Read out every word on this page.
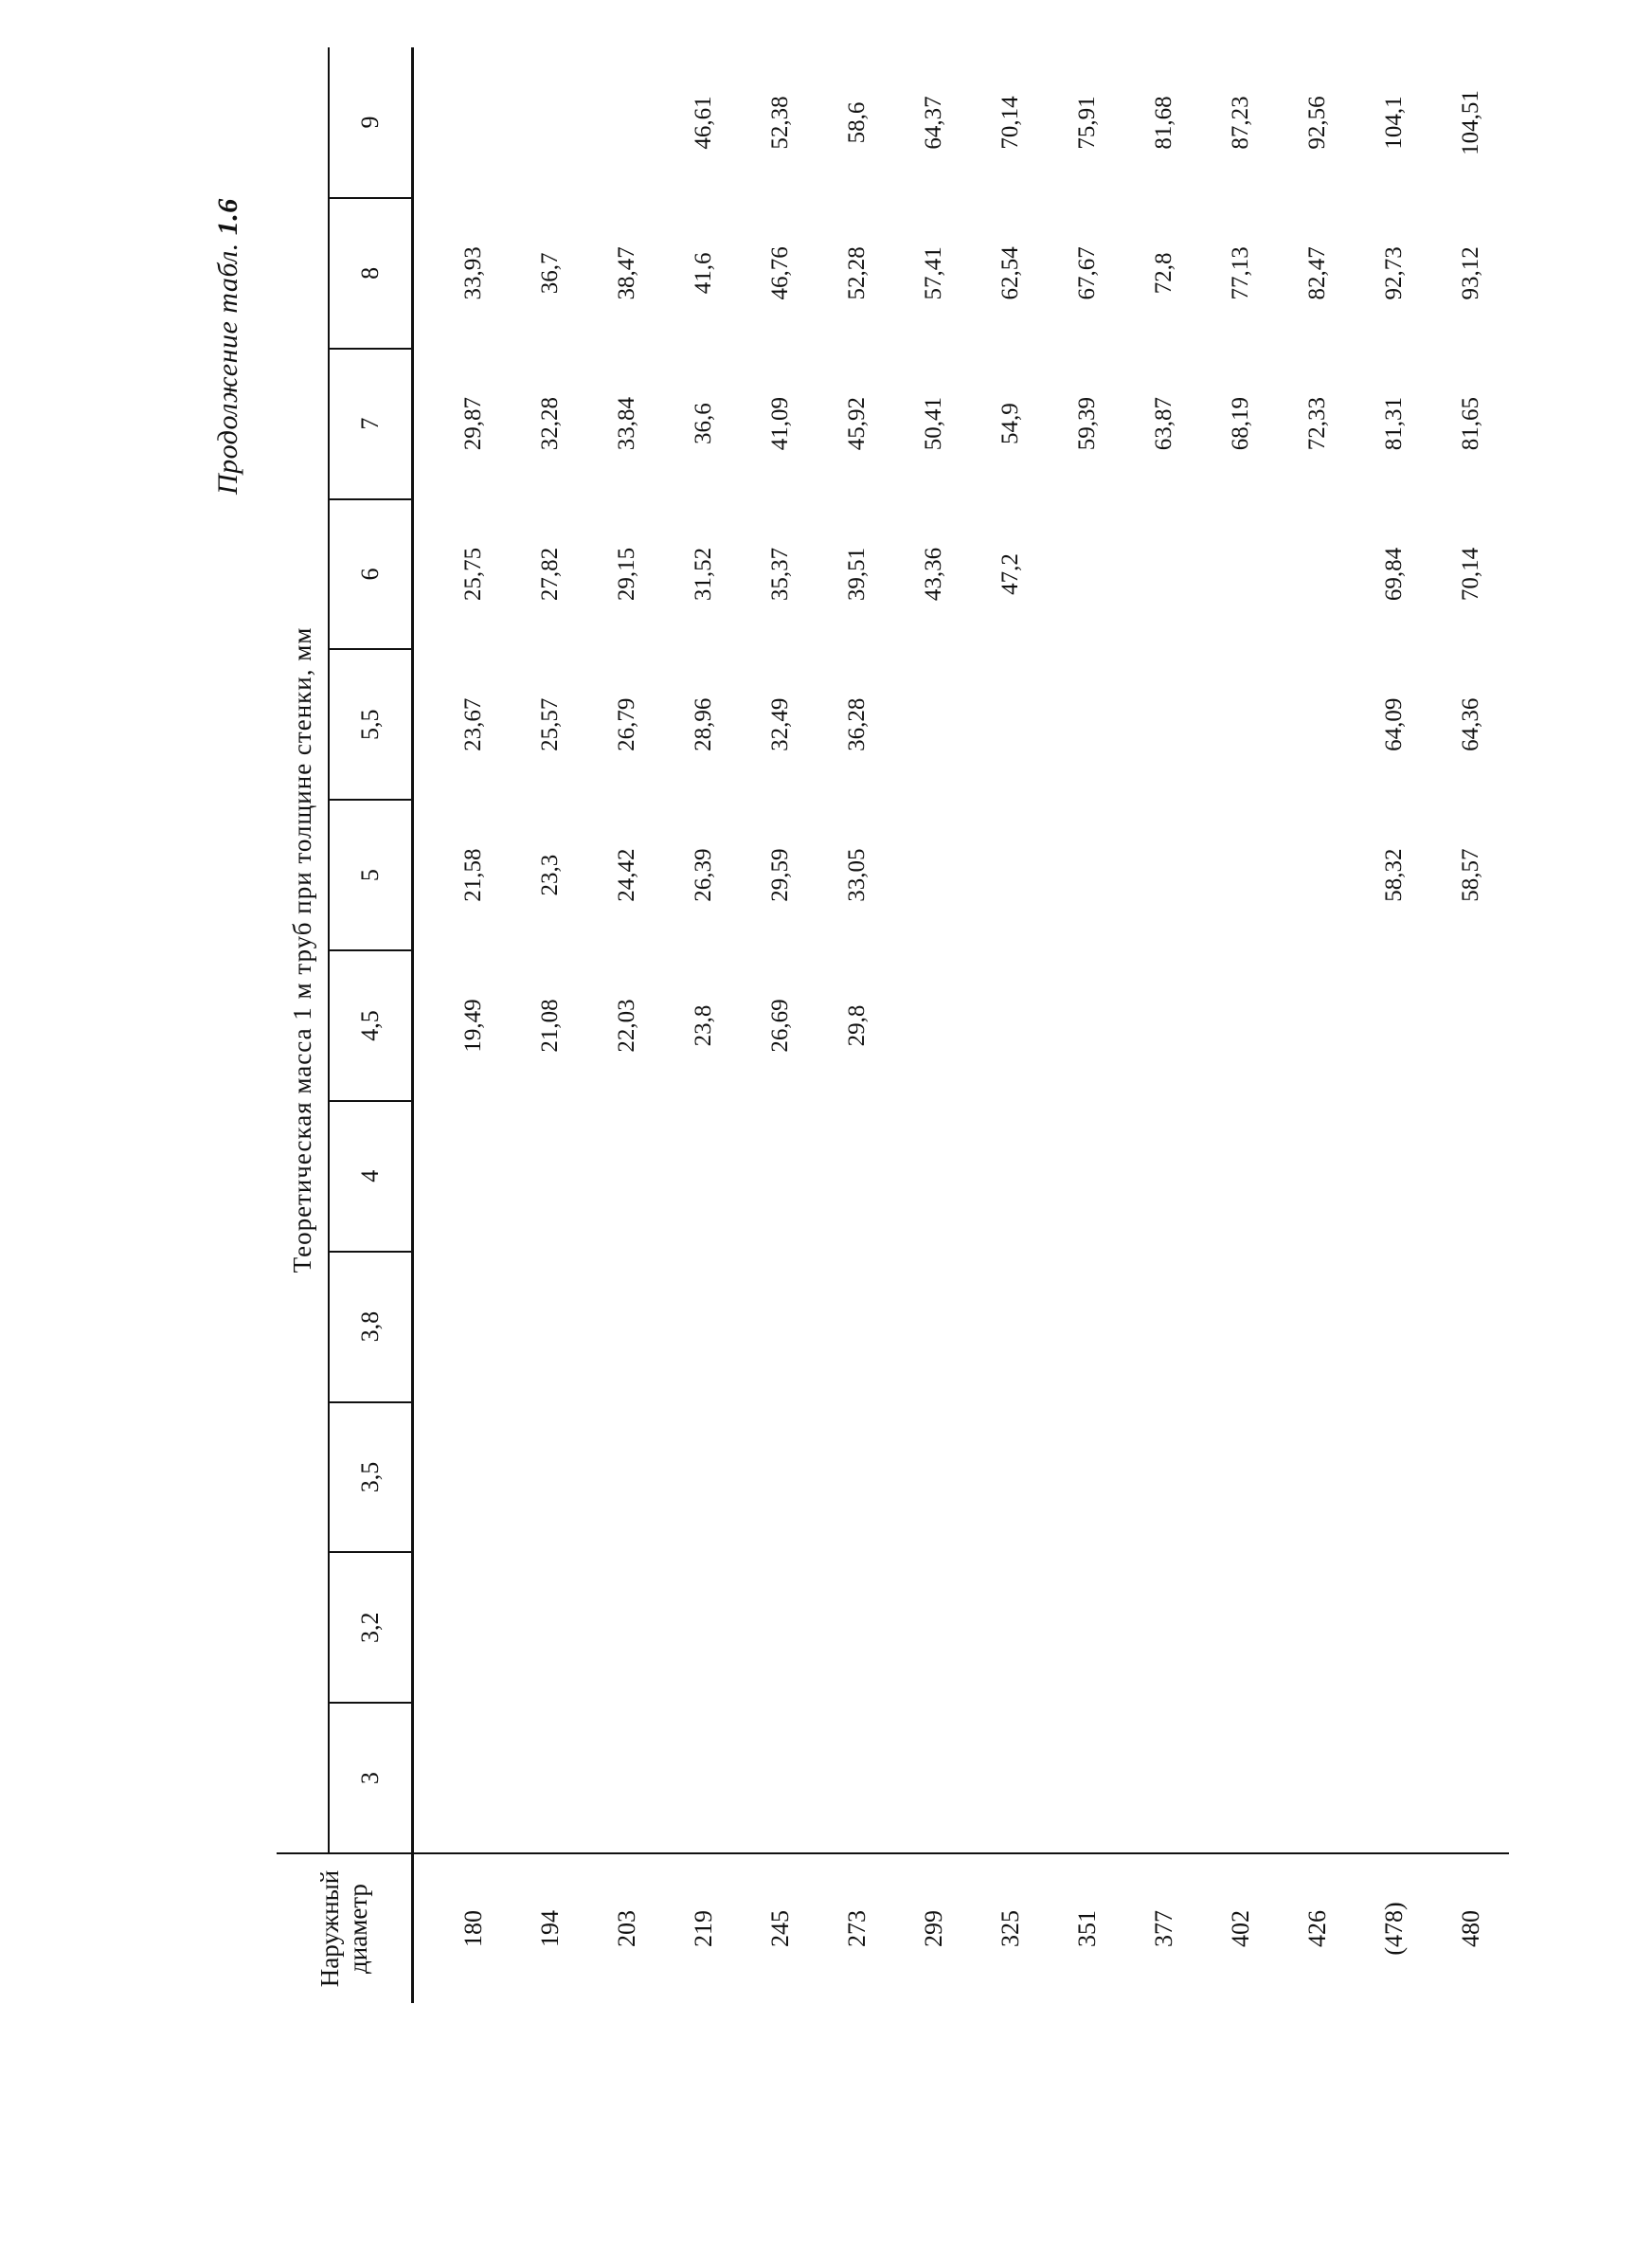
Продолжение табл. 1.6
Наружный диаметр	Теоретическая масса 1 м труб при толщине стенки, мм											
	3	3,2	3,5	3,8	4	4,5	5	5,5	6	7	8	9
180						19,49	21,58	23,67	25,75	29,87	33,93	
194						21,08	23,3	25,57	27,82	32,28	36,7	
203						22,03	24,42	26,79	29,15	33,84	38,47	
219						23,8	26,39	28,96	31,52	36,6	41,6	46,61
245						26,69	29,59	32,49	35,37	41,09	46,76	52,38
273						29,8	33,05	36,28	39,51	45,92	52,28	58,6
299									43,36	50,41	57,41	64,37
325									47,2	54,9	62,54	70,14
351										59,39	67,67	75,91
377										63,87	72,8	81,68
402										68,19	77,13	87,23
426										72,33	82,47	92,56
(478)							58,32	64,09	69,84	81,31	92,73	104,1
480							58,57	64,36	70,14	81,65	93,12	104,51
